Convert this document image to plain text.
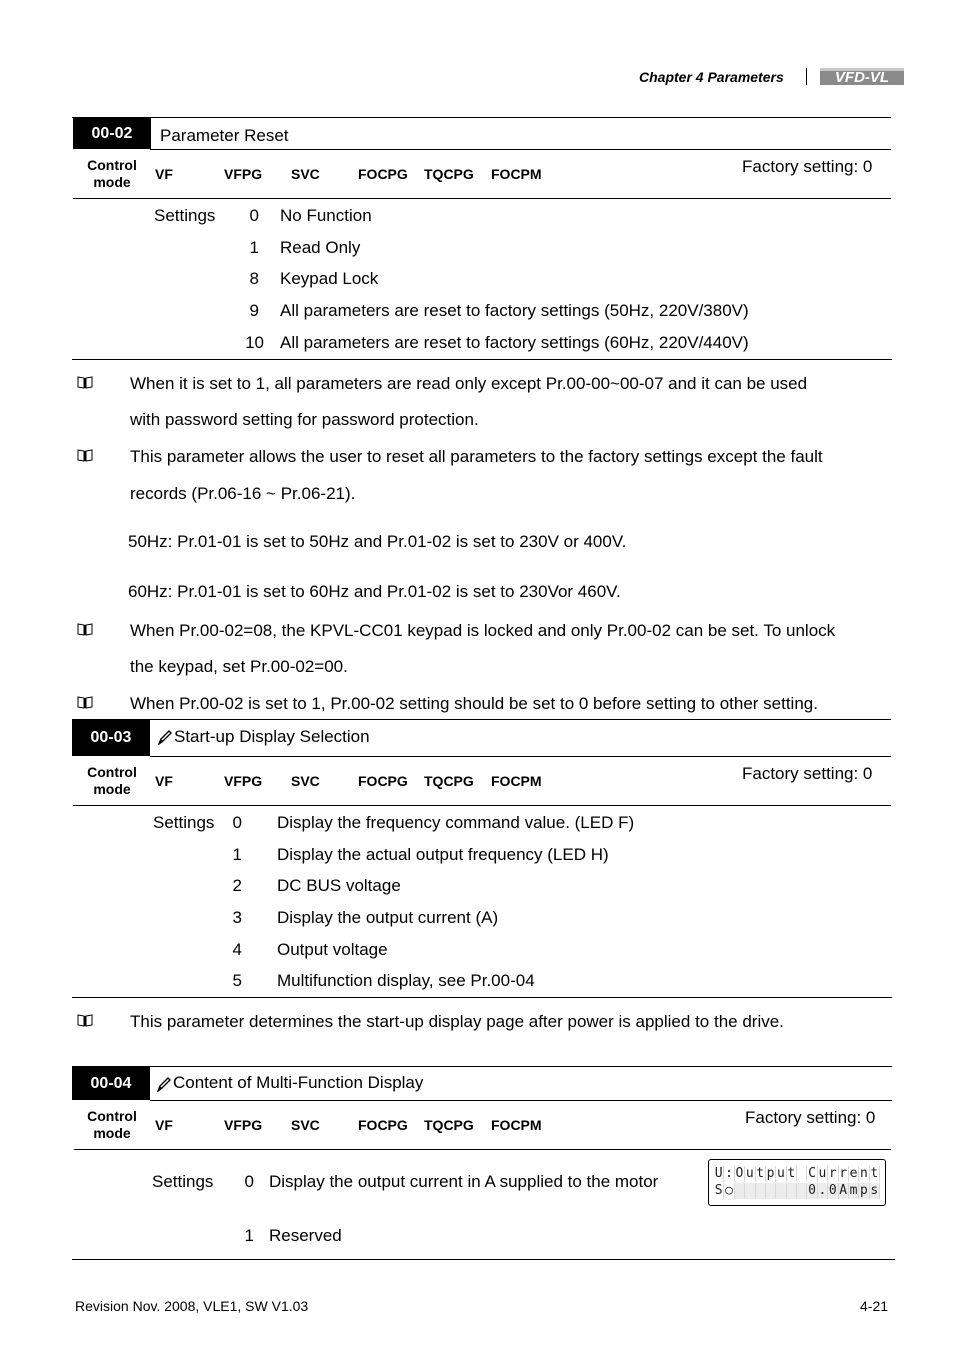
Chapter 4 Parameters	VFD-VL
00-02	Parameter Reset
Control
mode	VF	VFPG SVC	FOCPG TQCPG FOCPM	Factory setting: 0
Settings	0 No Function
1 Read Only
8 Keypad Lock
9 All parameters are reset to factory settings (50Hz, 220V/380V)
10 All parameters are reset to factory settings (60Hz, 220V/440V)
When it is set to 1, all parameters are read only except Pr.00-00~00-07 and it can be used
with password setting for password protection.
This parameter allows the user to reset all parameters to the factory settings except the fault
records (Pr.06-16 ~ Pr.06-21).
50Hz: Pr.01-01 is set to 50Hz and Pr.01-02 is set to 230V or 400V.
60Hz: Pr.01-01 is set to 60Hz and Pr.01-02 is set to 230Vor 460V.
When Pr.00-02=08, the KPVL-CC01 keypad is locked and only Pr.00-02 can be set. To unlock
the keypad, set Pr.00-02=00.
When Pr.00-02 is set to 1, Pr.00-02 setting should be set to 0 before setting to other setting.
00-03	Start-up Display Selection
Control
mode	VF	VFPG SVC	FOCPG TQCPG FOCPM	Factory setting: 0
Settings	0 Display the frequency command value. (LED F)
1 Display the actual output frequency (LED H)
2 DC BUS voltage
3 Display the output current (A)
4 Output voltage
5 Multifunction display, see Pr.00-04
This parameter determines the start-up display page after power is applied to the drive.
00-04	Content of Multi-Function Display
Control
mode	VF	VFPG SVC	FOCPG TQCPG FOCPM	Factory setting: 0
Settings	0 Display the output current in A supplied to the motor	U : O u t p u t C u r r e n t
S ○	0 . 0 A m p s
1 Reserved
Revision Nov. 2008, VLE1, SW V1.03	4-21
